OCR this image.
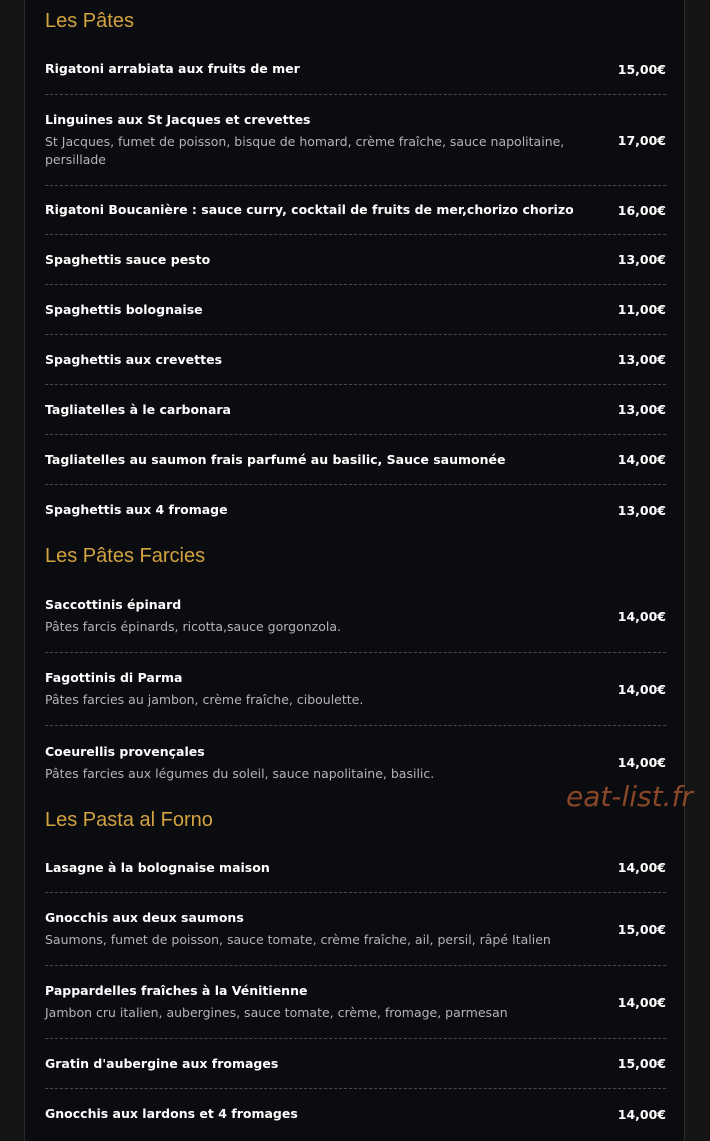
Les Pâtes
Rigatoni arrabiata aux fruits de mer	15,00€
Linguines aux St Jacques et crevettes
St Jacques, fumet de poisson, bisque de homard, crème fraîche, sauce napolitaine, persillade
17,00€
Rigatoni Boucanière : sauce curry, cocktail de fruits de mer,chorizo chorizo	16,00€
Spaghettis sauce pesto	13,00€
Spaghettis bolognaise	11,00€
Spaghettis aux crevettes	13,00€
Tagliatelles à le carbonara	13,00€
Tagliatelles au saumon frais parfumé au basilic, Sauce saumonée	14,00€
Spaghettis aux 4 fromage	13,00€
Les Pâtes Farcies
Saccottinis épinard
Pâtes farcis épinards, ricotta,sauce gorgonzola.
14,00€
Fagottinis di Parma
Pâtes farcies au jambon, crème fraîche, ciboulette.
14,00€
Coeurellis provençales
Pâtes farcies aux légumes du soleil, sauce napolitaine, basilic.
14,00€
Les Pasta al Forno
Lasagne à la bolognaise maison	14,00€
Gnocchis aux deux saumons
Saumons, fumet de poisson, sauce tomate, crème fraîche, ail, persil, râpé Italien
15,00€
Pappardelles fraîches à la Vénitienne
Jambon cru italien, aubergines, sauce tomate, crème, fromage, parmesan
14,00€
Gratin d'aubergine aux fromages	15,00€
Gnocchis aux lardons et 4 fromages	14,00€
eat-list.fr
